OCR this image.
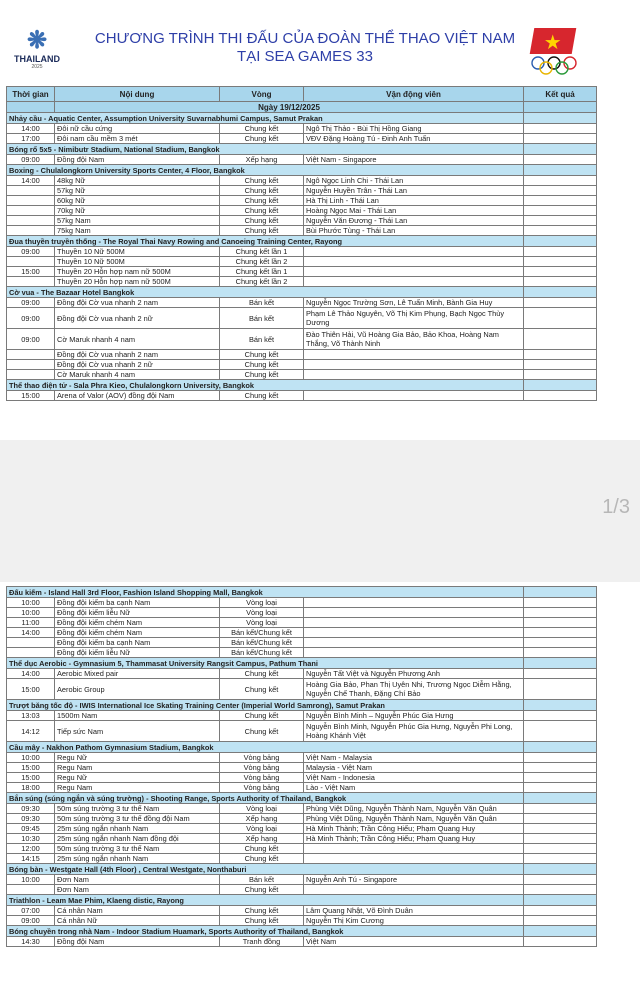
❋
THAILAND
2025
CHƯƠNG TRÌNH THI ĐẤU CỦA ĐOÀN THỂ THAO VIỆT NAM
TẠI SEA GAMES 33
★
Thời gian	Nội dung	Vòng	Vận động viên	Kết quả
	Ngày 19/12/2025			
Nhảy cầu - Aquatic Center, Assumption University Suvarnabhumi Campus, Samut Prakan				
14:00	Đôi nữ cầu cứng	Chung kết	Ngô Thị Thảo - Bùi Thị Hồng Giang	
17:00	Đôi nam cầu mềm 3 mét	Chung kết	VĐV Đặng Hoàng Tú - Đinh Anh Tuấn	
Bóng rổ 5x5 - Nimibutr Stadium, National Stadium, Bangkok				
09:00	Đồng đội Nam	Xếp hạng	Việt Nam - Singapore	
Boxing - Chulalongkorn University Sports Center, 4 Floor, Bangkok				
14:00	48kg Nữ	Chung kết	Ngô Ngọc Linh Chi - Thái Lan	
	57kg Nữ	Chung kết	Nguyễn Huyền Trân - Thái Lan	
	60kg Nữ	Chung kết	Hà Thị Linh - Thái Lan	
	70kg Nữ	Chung kết	Hoàng Ngọc Mai - Thái Lan	
	57kg Nam	Chung kết	Nguyễn Văn Đương - Thái Lan	
	75kg Nam	Chung kết	Bùi Phước Tùng - Thái Lan	
Đua thuyền truyền thống - The Royal Thai Navy Rowing and Canoeing Training Center, Rayong				
09:00	Thuyền 10 Nữ 500M	Chung kết lần 1		
	Thuyền 10 Nữ 500M	Chung kết lần 2		
15:00	Thuyền 20 Hỗn hợp nam nữ 500M	Chung kết lần 1		
	Thuyền 20 Hỗn hợp nam nữ 500M	Chung kết lần 2		
Cờ vua - The Bazaar Hotel Bangkok				
09:00	Đồng đội Cờ vua nhanh 2 nam	Bán kết	Nguyễn Ngọc Trường Sơn, Lê Tuấn Minh, Bành Gia Huy	
09:00	Đồng đội Cờ vua nhanh 2 nữ	Bán kết	Phạm Lê Thảo Nguyên, Võ Thị Kim Phụng, Bạch Ngọc Thùy Dương	
09:00	Cờ Maruk nhanh 4 nam	Bán kết	Đào Thiên Hải, Vũ Hoàng Gia Bảo, Bảo Khoa, Hoàng Nam Thắng, Võ Thành Ninh	
	Đồng đội Cờ vua nhanh 2 nam	Chung kết		
	Đồng đội Cờ vua nhanh 2 nữ	Chung kết		
	Cờ Maruk nhanh 4 nam	Chung kết		
Thể thao điện tử - Sala Phra Kieo, Chulalongkorn University, Bangkok				
15:00	Arena of Valor (AOV) đồng đội Nam	Chung kết		
1/3
Đấu kiếm - Island Hall 3rd Floor, Fashion Island Shopping Mall, Bangkok				
10:00	Đồng đội kiếm ba cạnh Nam	Vòng loại		
10:00	Đồng đội kiếm liễu Nữ	Vòng loại		
11:00	Đồng đội kiếm chém Nam	Vòng loại		
14:00	Đồng đội kiếm chém Nam	Bán kết/Chung kết		
	Đồng đội kiếm ba cạnh Nam	Bán kết/Chung kết		
	Đồng đội kiếm liễu Nữ	Bán kết/Chung kết		
Thể dục Aerobic - Gymnasium 5, Thammasat University Rangsit Campus, Pathum Thani				
14:00	Aerobic Mixed pair	Chung kết	Nguyễn Tất Việt và Nguyễn Phương Anh	
15:00	Aerobic Group	Chung kết	Hoàng Gia Bảo, Phan Thị Uyên Nhi, Trương Ngọc Diễm Hằng, Nguyễn Chế Thanh, Đặng Chí Bảo	
Trượt băng tốc độ - IWIS International Ice Skating Training Center (Imperial World Samrong), Samut Prakan				
13:03	1500m Nam	Chung kết	Nguyễn Bình Minh – Nguyễn Phúc Gia Hưng	
14:12	Tiếp sức Nam	Chung kết	Nguyễn Bình Minh, Nguyễn Phúc Gia Hưng, Nguyễn Phi Long, Hoàng Khánh Việt	
Cầu mây - Nakhon Pathom Gymnasium Stadium, Bangkok				
10:00	Regu Nữ	Vòng bảng	Việt Nam - Malaysia	
15:00	Regu Nam	Vòng bảng	Malaysia - Việt Nam	
15:00	Regu Nữ	Vòng bảng	Việt Nam - Indonesia	
18:00	Regu Nam	Vòng bảng	Lào - Việt Nam	
Bắn súng (súng ngắn và súng trường) - Shooting Range, Sports Authority of Thailand, Bangkok				
09:30	50m súng trường 3 tư thế Nam	Vòng loại	Phùng Việt Dũng, Nguyễn Thành Nam, Nguyễn Văn Quân	
09:30	50m súng trường 3 tư thế đồng đội Nam	Xếp hạng	Phùng Việt Dũng, Nguyễn Thành Nam, Nguyễn Văn Quân	
09:45	25m súng ngắn nhanh Nam	Vòng loại	Hà Minh Thành; Trần Công Hiếu; Phạm Quang Huy	
10:30	25m súng ngắn nhanh Nam đồng đội	Xếp hạng	Hà Minh Thành; Trần Công Hiếu; Phạm Quang Huy	
12:00	50m súng trường 3 tư thế Nam	Chung kết		
14:15	25m súng ngắn nhanh Nam	Chung kết		
Bóng bàn - Westgate Hall (4th Floor) , Central Westgate, Nonthaburi				
10:00	Đơn Nam	Bán kết	Nguyễn Anh Tú - Singapore	
	Đơn Nam	Chung kết		
Triathlon - Leam Mae Phim, Klaeng distic, Rayong				
07:00	Cá nhân Nam	Chung kết	Lâm Quang Nhật, Võ Đình Duân	
09:00	Cá nhân Nữ	Chung kết	Nguyễn Thị Kim Cương	
Bóng chuyền trong nhà Nam - Indoor Stadium Huamark, Sports Authority of Thailand, Bangkok				
14:30	Đồng đội Nam	Tranh đồng	Việt Nam	
